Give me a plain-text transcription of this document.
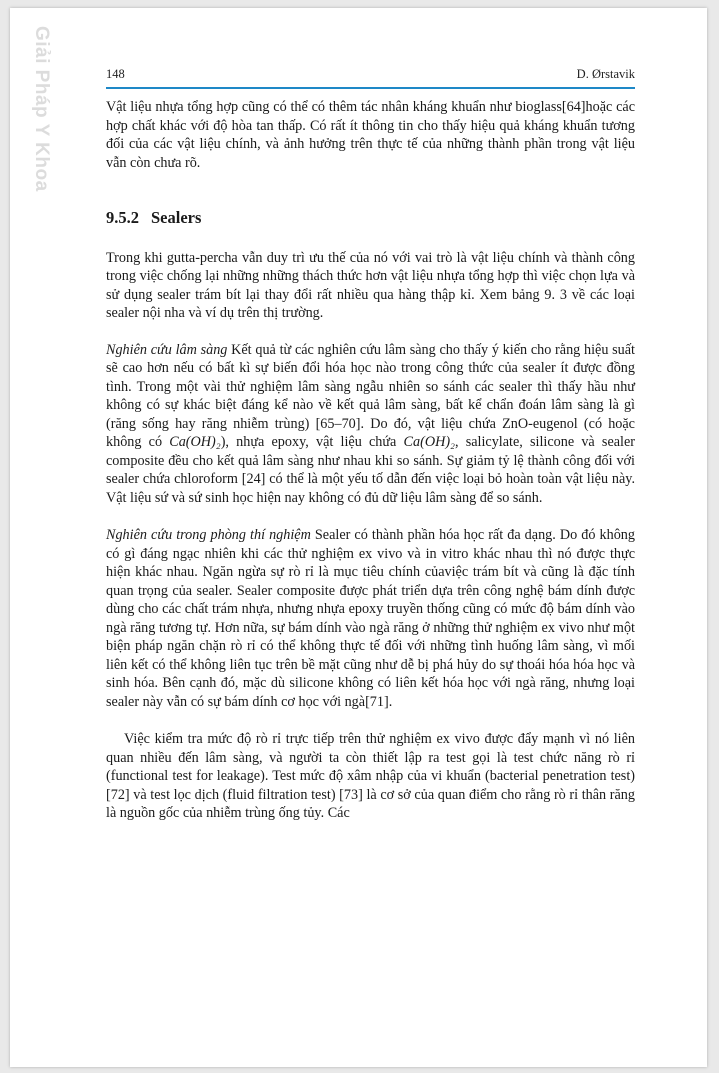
Giải Pháp Y Khoa	148	D. Ørstavik

Vật liệu nhựa tổng hợp cũng có thể có thêm tác nhân kháng khuẩn như bioglass[64]hoặc các hợp chất khác với độ hòa tan thấp. Có rất ít thông tin cho thấy hiệu quả kháng khuẩn tương đối của các vật liệu chính, và ảnh hưởng trên thực tế của những thành phần trong vật liệu vẫn còn chưa rõ.

9.5.2 Sealers

Trong khi gutta-percha vẫn duy trì ưu thế của nó với vai trò là vật liệu chính và thành công trong việc chống lại những những thách thức hơn vật liệu nhựa tổng hợp thì việc chọn lựa và sử dụng sealer trám bít lại thay đổi rất nhiều qua hàng thập kỉ. Xem bảng 9. 3 về các loại sealer nội nha và ví dụ trên thị trường.

Nghiên cứu lâm sàng Kết quả từ các nghiên cứu lâm sàng cho thấy ý kiến cho rằng hiệu suất sẽ cao hơn nếu có bất kì sự biến đổi hóa học nào trong công thức của sealer ít được đồng tình. Trong một vài thử nghiệm lâm sàng ngẫu nhiên so sánh các sealer thì thấy hầu như không có sự khác biệt đáng kể nào về kết quả lâm sàng, bất kể chẩn đoán lâm sàng là gì (răng sống hay răng nhiễm trùng) [65–70]. Do đó, vật liệu chứa ZnO-eugenol (có hoặc không có Ca(OH)₂), nhựa epoxy, vật liệu chứa Ca(OH)₂, salicylate, silicone và sealer composite đều cho kết quả lâm sàng như nhau khi so sánh. Sự giảm tỷ lệ thành công đối với sealer chứa chloroform [24] có thể là một yếu tố dẫn đến việc loại bỏ hoàn toàn vật liệu này. Vật liệu sứ và sứ sinh học hiện nay không có đủ dữ liệu lâm sàng để so sánh.

Nghiên cứu trong phòng thí nghiệm Sealer có thành phần hóa học rất đa dạng. Do đó không có gì đáng ngạc nhiên khi các thử nghiệm ex vivo và in vitro khác nhau thì nó được thực hiện khác nhau. Ngăn ngừa sự rò rỉ là mục tiêu chính củaviệc trám bít và cũng là đặc tính quan trọng của sealer. Sealer composite được phát triển dựa trên công nghệ bám dính được dùng cho các chất trám nhựa, nhưng nhựa epoxy truyền thống cũng có mức độ bám dính vào ngà răng tương tự. Hơn nữa, sự bám dính vào ngà răng ở những thử nghiệm ex vivo như một biện pháp ngăn chặn rò rỉ có thể không thực tế đối với những tình huống lâm sàng, vì mối liên kết có thể không liên tục trên bề mặt cũng như dễ bị phá hủy do sự thoái hóa hóa học và sinh hóa. Bên cạnh đó, mặc dù silicone không có liên kết hóa học với ngà răng, nhưng loại sealer này vẫn có sự bám dính cơ học với ngà[71].

Việc kiểm tra mức độ rò rỉ trực tiếp trên thử nghiệm ex vivo được đẩy mạnh vì nó liên quan nhiều đến lâm sàng, và người ta còn thiết lập ra test gọi là test chức năng rò rỉ (functional test for leakage). Test mức độ xâm nhập của vi khuẩn (bacterial penetration test) [72] và test lọc dịch (fluid filtration test) [73] là cơ sở của quan điểm cho rằng rò rỉ thân răng là nguồn gốc của nhiễm trùng ống tủy. Các
